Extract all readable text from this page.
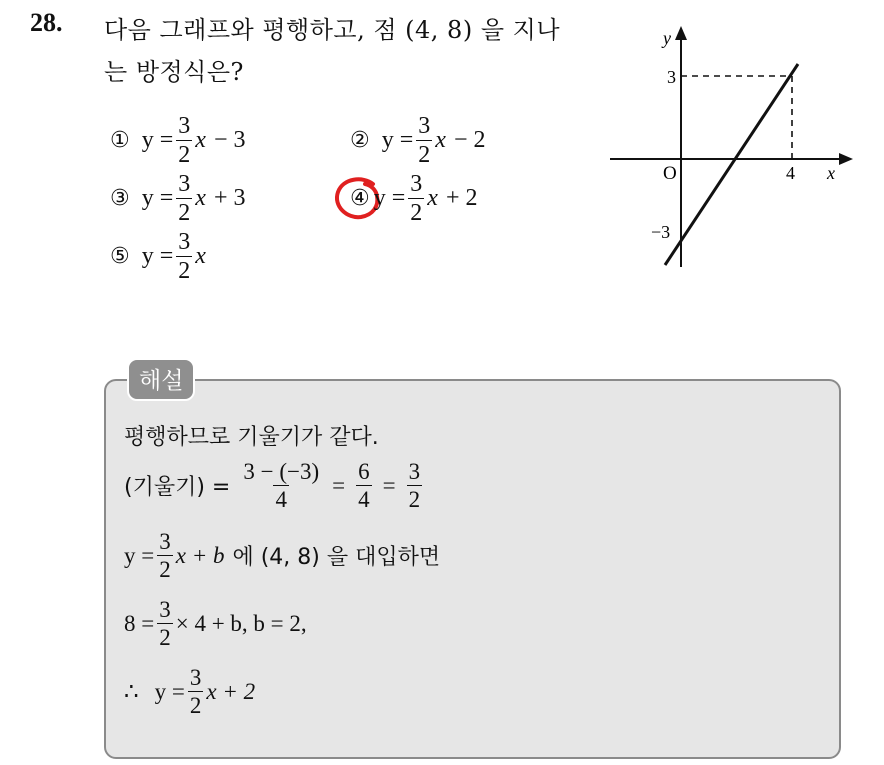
28. 다음 그래프와 평행하고, 점 (4, 8) 을 지나
는 방정식은?
① $y = \frac{3}{2}$ x − 3	② $y = \frac{3}{2}$ x − 2
③ $y = \frac{3}{2}$ x + 3	④ $y = \frac{3}{2}$ x + 2
⑤ $y = \frac{3}{2}$ x
y
x
O
3
4
−3
해설
평행하므로 기울기가 같다.
(기울기) = $\frac{3 - (-3)}{4} = \frac{6}{4} = \frac{3}{2}$
$y = \frac{3}{2}$ x + b 에 (4, 8) 을 대입하면
$8 = \frac{3}{2} \times 4 + b$, b = 2,
∴ $y = \frac{3}{2}$ x + 2
